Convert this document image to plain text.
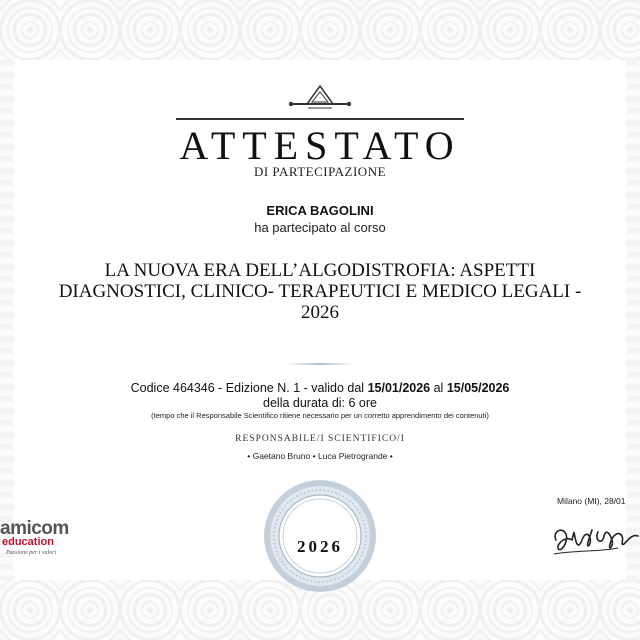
ATTESTATO
DI PARTECIPAZIONE
ERICA BAGOLINI
ha partecipato al corso
LA NUOVA ERA DELL’ALGODISTROFIA: ASPETTI DIAGNOSTICI, CLINICO- TERAPEUTICI E MEDICO LEGALI - 2026
Codice 464346 - Edizione N. 1 - valido dal 15/01/2026 al 15/05/2026
della durata di: 6 ore
(tempo che il Responsabile Scientifico ritiene necessario per un corretto apprendimento dei contenuti)
RESPONSABILE/I SCIENTIFICO/I
• Gaetano Bruno • Luca Pietrogrande •
2026
Milano (MI), 28/01
amicom
education
Passione per i valori
